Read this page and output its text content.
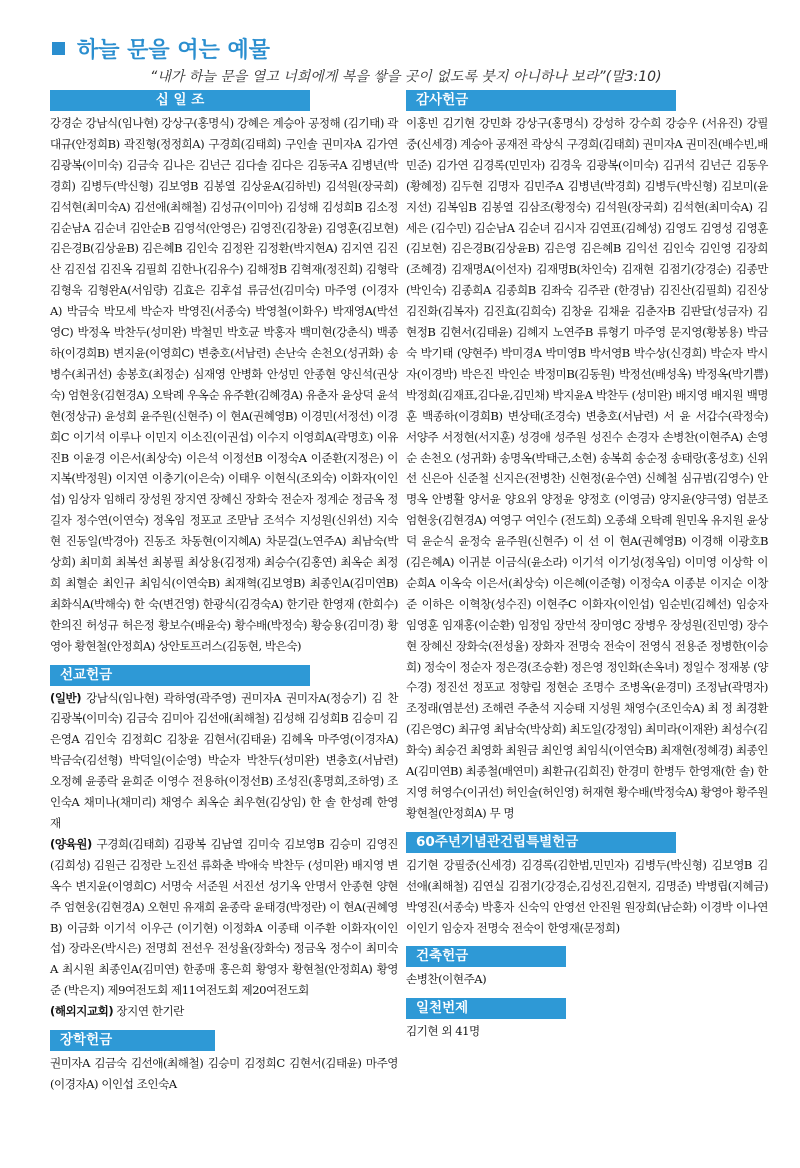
하늘 문을 여는 예물
“내가 하늘 문을 열고 너희에게 복을 쌓을 곳이 없도록 붓지 아니하나 보라”(말3:10)
십 일 조
강경순 강남식(임나현) 강상구(홍명식) 강혜은 계승아 공정해 (김기태) 곽대규(안정희B) 곽진형(정정희A) 구경희(김태희) 구인솔 권미자A 김가연 김광복(이미숙) 김금숙 김나은 김넌근 김다솔 김다은 김동국A 김병년(박경희) 김병두(박신형) 김보영B 김봉열 김상윤A(김하빈) 김석원(장국희) 김석현(최미숙A) 김선애(최해철) 김성규(이미아) 김성해 김성희B 김소정 김순남A 김순녀 김안순B 김영석(안영은) 김영진(김창윤) 김영훈(김보현) 김은경B(김상윤B) 김은혜B 김인숙 김정완 김정환(박지현A) 김지연 김진산 김진섭 김진옥 김필희 김한나(김유수) 김해정B 김혁재(정진희) 김형락 김형욱 김형완A(서임량) 김효은 김후섭 류금선(김미숙) 마주영 (이경자A) 박금숙 박모세 박순자 박영진(서종숙) 박영철(이화우) 박재영A(박선영C) 박정옥 박찬두(성미완) 박철민 박호균 박홍자 백미현(강춘식) 백종하(이경희B) 변지윤(이영희C) 변충호(서남련) 손난숙 손천오(성귀화) 송병수(최귀선) 송봉호(최정순) 심재영 안병화 안성민 안종현 양신석(권상숙) 엄현웅(김현경A) 오탁례 우옥순 유주환(김혜경A) 유춘자 윤상덕 윤석현(정상규) 윤성희 윤주원(신현주) 이 현A(권혜영B) 이경민(서정선) 이경희C 이기석 이루나 이민지 이소진(이권섭) 이수지 이영희A(곽명호) 이유진B 이윤경 이은서(최상숙) 이은석 이정선B 이정숙A 이준환(지정은) 이지복(박정원) 이지연 이충기(이은숙) 이태우 이현식(조외숙) 이화자(이인섭) 임상자 임해리 장성원 장지연 장혜신 장화숙 전순자 정계순 정금옥 정길자 정수연(이연숙) 정옥임 정포교 조맏남 조석수 지성원(신위선) 지숙현 진동일(박경아) 진동조 차동현(이지혜A) 차문걸(노연주A) 최남숙(박상희) 최미희 최복선 최봉필 최상용(김정재) 최승수(김홍연) 최옥순 최정희 최혈순 최인규 최임식(이연숙B) 최재혁(김보영B) 최종인A(김미연B) 최화식A(박해숙) 한 숙(변건영) 한광식(김경숙A) 한기란 한영재 (한희수) 한의진 허성규 허은정 황보수(배윤숙) 황수배(박정숙) 황승용(김미경) 황영아 황현철(안정희A) 상안토프러스(김동현, 박은숙)
선교헌금
(일반) 강남식(임나현) 곽하영(곽주영) 권미자A 권미자A(정승기) 김 찬 김광복(이미숙) 김금숙 김미아 김선애(최해철) 김성해 김성희B 김승미 김은영A 김인숙 김정희C 김창윤 김현서(김태윤) 김혜옥 마주영(이경자A) 박금숙(김선형) 박덕일(이순영) 박순자 박찬두(성미완) 변충호(서남련) 오정혜 윤종락 윤희준 이영수 전용하(이정선B) 조성진(홍명희,조하영) 조인숙A 채미나(채미리) 채영수 최옥순 최우현(김상임) 한 솔 한성례 한영재
(양육원) 구경희(김태희) 김광복 김남열 김미숙 김보영B 김승미 김영진(김희성) 김원근 김정란 노진선 류화춘 박애숙 박찬두 (성미완) 배지영 변옥수 변지윤(이영희C) 서명숙 서준원 서진선 성기옥 안명서 안종현 양현주 엄현웅(김현경A) 오현민 유재희 윤종락 윤태경(박정란) 이 현A(권혜영B) 이금화 이기석 이우근 (이기현) 이정화A 이종태 이주환 이화자(이인섭) 장라온(박시은) 전명희 전선우 전성율(장화숙) 정금옥 정수이 최미숙A 최시원 최종인A(김미연) 한종매 홍은희 황영자 황현철(안정희A) 황영준 (박은지) 제9여전도회 제11여전도회 제20여전도회
(해외지교회) 장지연 한기란
장학헌금
권미자A 김금숙 김선애(최해철) 김승미 김정희C 김현서(김태윤) 마주영(이경자A) 이인섭 조인숙A
감사헌금
이홍빈 김기현 강민화 강상구(홍명식) 강성하 강수희 강승우 (서유진) 강필중(신세경) 계승아 공재전 곽상식 구경희(김태희) 권미자A 권미진(배수빈,배민준) 김가연 김경록(민민자) 김경욱 김광복(이미숙) 김귀석 김넌근 김동우(황혜정) 김두현 김명자 김민주A 김병년(박경희) 김병두(박신형) 김보미(윤지선) 김복임B 김봉열 김삼조(황정숙) 김석원(장국희) 김석현(최미숙A) 김세은 (김수민) 김순남A 김순녀 김시자 김연표(김혜성) 김영도 김영성 김영훈(김보현) 김은경B(김상윤B) 김은영 김은혜B 김익선 김인숙 김인영 김장희(조혜경) 김재명A(이선자) 김재명B(차인숙) 김재현 김점기(강경순) 김종만(박인숙) 김종희A 김종희B 김좌숙 김주관 (한경남) 김진산(김필희) 김진상 김진화(김복자) 김진효(김희숙) 김창윤 김채윤 김춘자B 김판달(성금자) 김현정B 김현서(김태윤) 김혜지 노연주B 류형기 마주영 문지영(황봉용) 박금숙 박기태 (양현주) 박미경A 박미영B 박서영B 박수상(신경희) 박순자 박시자(이경박) 박은진 박인순 박정미B(김동원) 박정선(배성옥) 박정옥(박기쁨) 박정희(김재표,김다윤,김민채) 박지윤A 박찬두 (성미완) 배지영 배지원 백명훈 백종하(이경희B) 변상태(조경숙) 변충호(서남련) 서 윤 서갑수(곽정숙) 서양주 서정현(서지훈) 성경애 성주원 성진수 손경자 손병찬(이현주A) 손영순 손천오 (성귀화) 송명옥(박태근,소현) 송복희 송순정 송태랑(홍성호) 신위선 신은아 신준철 신지은(전병찬) 신현정(윤수연) 신혜철 심규범(김영수) 안명옥 안병활 양서윤 양요위 양정윤 양정호 (이영금) 양지윤(양극영) 엄분조 엄현웅(김현경A) 여영구 여인수 (전도희) 오종쇄 오탁례 원민옥 유지원 윤상덕 윤순식 윤정숙 윤주원(신현주) 이 선 이 현A(권혜영B) 이경해 이광호B(김은혜A) 이귀분 이금식(윤소라) 이기석 이기성(정옥임) 이미영 이상학 이순희A 이옥숙 이은서(최상숙) 이은혜(이준형) 이정숙A 이종분 이지순 이창준 이하은 이혁창(성수진) 이현주C 이화자(이인섭) 임순빈(김혜선) 임숭자 임영훈 임재홍(이순환) 임정임 장만석 장미영C 장병우 장성원(진민영) 장수현 장혜신 장화숙(전성율) 장화자 전명숙 전숙이 전영식 전용준 정병한(이승희) 정숙이 정순자 정은경(조승환) 정은영 정인화(손옥녀) 정일수 정재봉 (양수경) 정진선 정포교 정향림 정현순 조명수 조병옥(윤경미) 조정남(곽명자) 조정래(염분선) 조해련 주춘석 지승태 지성원 채영수(조인숙A) 최 정 최경환(김은영C) 최규영 최남숙(박상희) 최도일(강정임) 최미라(이재완) 최성수(김화숙) 최승건 최영화 최원금 최인영 최임식(이연숙B) 최재현(정혜경) 최종인A(김미연B) 최종철(배연미) 최환규(김희진) 한경미 한병두 한영재(한 솔) 한지영 허영수(이귀선) 허인술(허인영) 허재현 황수배(박정숙A) 황영아 황주원 황현철(안정희A) 무 명
60주년기념관건립특별헌금
김기현 강필중(신세경) 김경록(김한범,민민자) 김병두(박신형) 김보영B 김선애(최해철) 김연실 김점기(강경순,김성진,김현지, 김명준) 박병립(지혜금) 박영진(서종숙) 박홍자 신숙익 안영선 안진원 원장희(남순화) 이경박 이나연 이인기 임숭자 전명숙 전숙이 한영재(문정희)
건축헌금
손병찬(이현주A)
일천번제
김기현 외 41명
